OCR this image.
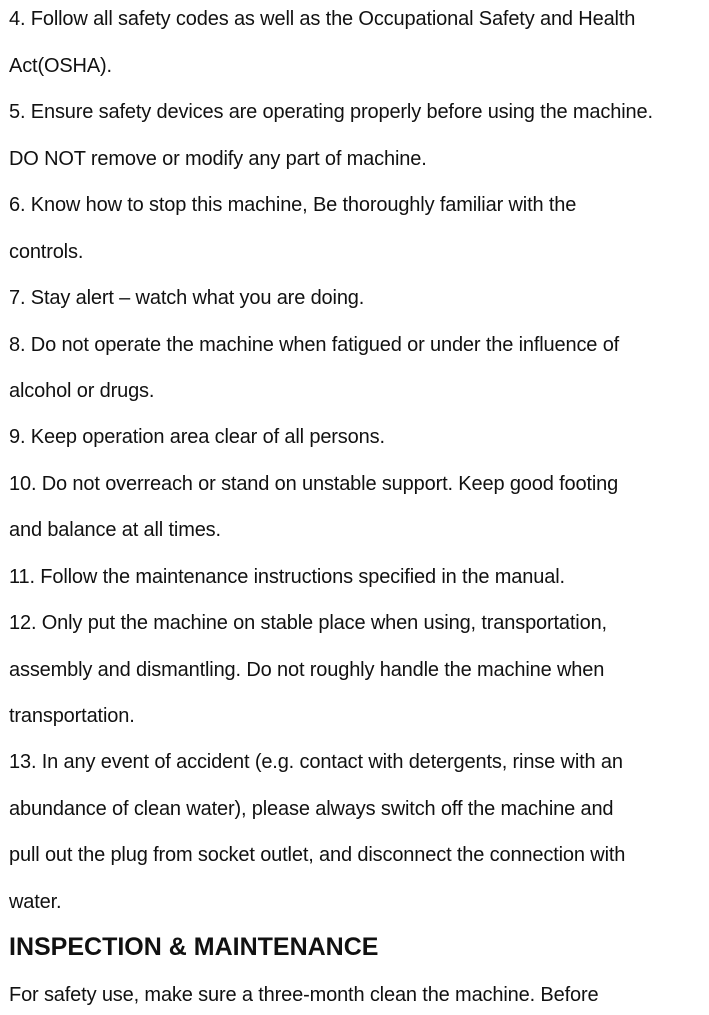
4. Follow all safety codes as well as the Occupational Safety and Health
Act(OSHA).
5. Ensure safety devices are operating properly before using the machine.
DO NOT remove or modify any part of machine.
6. Know how to stop this machine, Be thoroughly familiar with the
controls.
7. Stay alert – watch what you are doing.
8. Do not operate the machine when fatigued or under the influence of
alcohol or drugs.
9. Keep operation area clear of all persons.
10. Do not overreach or stand on unstable support. Keep good footing
and balance at all times.
11. Follow the maintenance instructions specified in the manual.
12. Only put the machine on stable place when using, transportation,
assembly and dismantling. Do not roughly handle the machine when
transportation.
13. In any event of accident (e.g. contact with detergents, rinse with an
abundance of clean water), please always switch off the machine and
pull out the plug from socket outlet, and disconnect the connection with
water.
INSPECTION & MAINTENANCE
For safety use, make sure a three-month clean the machine. Before
